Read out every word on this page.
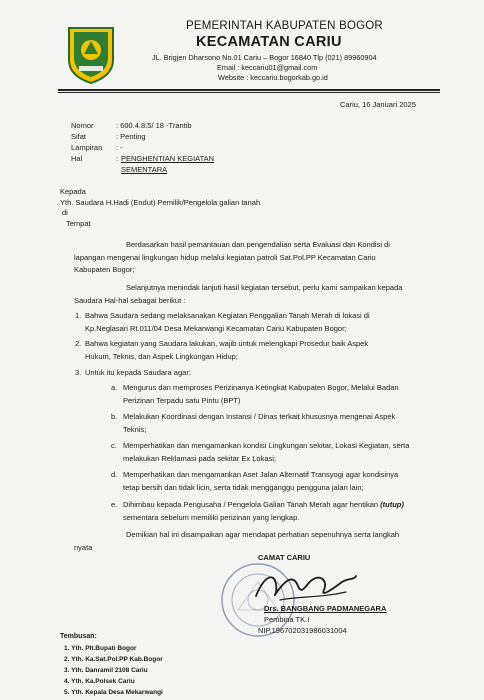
PEMERINTAH KABUPATEN BOGOR
KECAMATAN CARIU
JL. Brigjen Dharsono No.01 Cariu – Bogor 16840 Tlp (021) 89960904
Email : keccariu01@gmail.com
Website : keccariu.bogorkab.go.id
Cariu, 16 Januari 2025
Nomor	: 600.4.8.5/ 18 -Trantib
Sifat	: Penting
Lampiran : -
Hal	: PENGHENTIAN KEGIATAN
SEMENTARA
Kepada
Yth. Saudara H.Hadi (Endut) Pemilik/Pengelola galian tanah
di
Tempat
Berdasarkan hasil pemantauan dan pengendalian serta Evaluasi dan Kondisi di
lapangan mengenai lingkungan hidup melalui kegiatan patroli Sat.Pol.PP Kecamatan Cariu
Kabupaten Bogor;
Selanjutnya menindak lanjuti hasil kegiatan tersebut, perlu kami sampaikan kepada
Saudara Hal-hal sebagai berikut :
1. Bahwa Saudara sedang melaksanakan Kegiatan Penggalian Tanah Merah di lokasi di
Kp.Neglasari Rt.011/04 Desa Mekarwangi Kecamatan Cariu Kabupaten Bogor;
2. Bahwa kegiatan yang Saudara lakukan, wajib untuk melengkapi Prosedur baik Aspek
Hukum, Teknis, dan Aspek Lingkungan Hidup;
3. Untuk itu kepada Saudara agar:
a. Mengurus dan memproses Perizinanya Ketingkat Kabupaten Bogor, Melalui Badan
Perizinan Terpadu satu Pintu (BPT)
b. Melakukan Koordinasi dengan Instansi / Dinas terkait khususnya mengenai Aspek
Teknis;
c. Memperhatikan dan mengamankan kondisi Lingkungan sekitar, Lokasi Kegiatan, serta
melakukan Reklamasi pada sekitar Ex Lokasi;
d. Memperhatikan dan mengamankan Aset Jalan Alternatif Transyogi agar kondisinya
tetap bersih dan tidak licin, serta tidak mengganggu pengguna jalan lain;
e. Dihimbau kepada Pengusaha / Pengelola Galian Tanah Merah agar hentikan (tutup)
sementara sebelum memiliki perizinan yang lengkap.
Demikian hal ini disampaikan agar mendapat perhatian sepenuhnya serta langkah
nyata
CAMAT CARIU
Drs. BANGBANG PADMANEGARA
Pembina TK.I
NIP.196702031986031004
Tembusan:
1. Yth. Plt.Bupati Bogor
2. Yth. Ka.Sat.Pol.PP Kab.Bogor
3. Yth. Danramil 2108 Cariu
4. Yth. Ka.Polsek Cariu
5. Yth. Kepala Desa Mekarwangi
